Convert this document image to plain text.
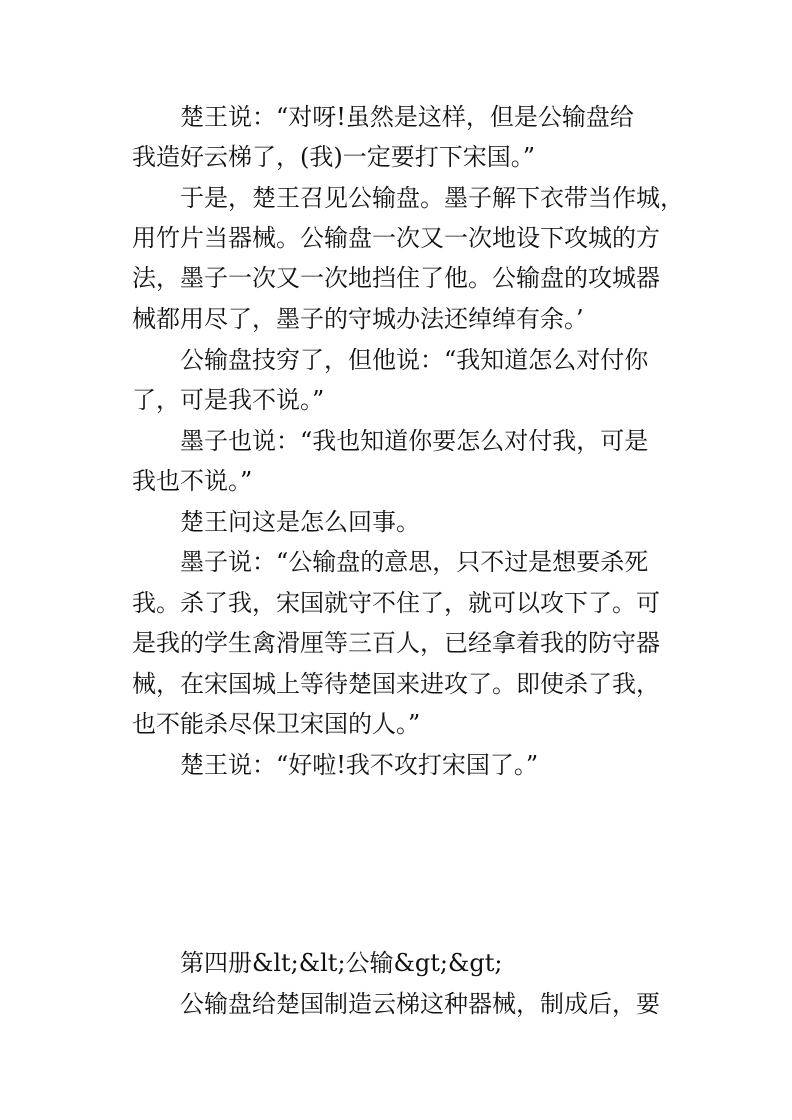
楚王说：“对呀!虽然是这样，但是公输盘给
我造好云梯了，(我)一定要打下宋国。”
于是，楚王召见公输盘。墨子解下衣带当作城，
用竹片当器械。公输盘一次又一次地设下攻城的方
法，墨子一次又一次地挡住了他。公输盘的攻城器
械都用尽了，墨子的守城办法还绰绰有余。’
公输盘技穷了，但他说：“我知道怎么对付你
了，可是我不说。”
墨子也说：“我也知道你要怎么对付我，可是
我也不说。”
楚王问这是怎么回事。
墨子说：“公输盘的意思，只不过是想要杀死
我。杀了我，宋国就守不住了，就可以攻下了。可
是我的学生禽滑厘等三百人，已经拿着我的防守器
械，在宋国城上等待楚国来进攻了。即使杀了我，
也不能杀尽保卫宋国的人。”
楚王说：“好啦!我不攻打宋国了。”
第四册&lt;&lt;公输&gt;&gt;
公输盘给楚国制造云梯这种器械，制成后，要
